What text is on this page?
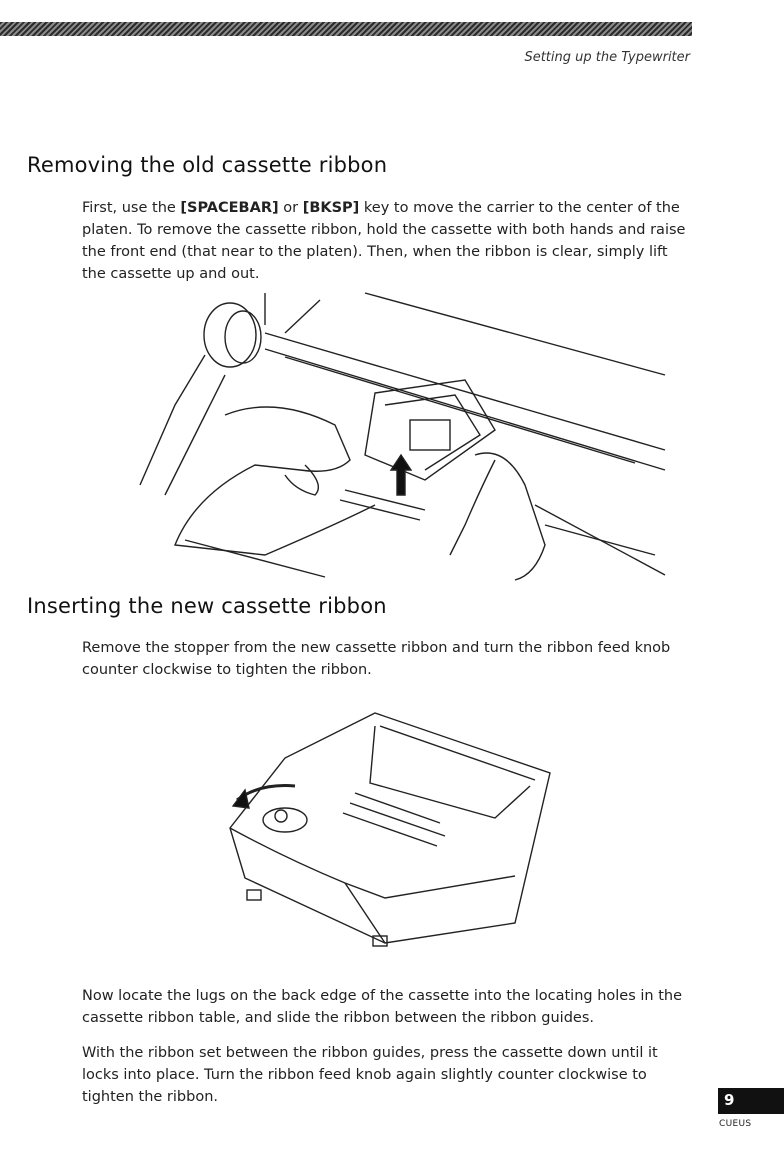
Setting up the Typewriter
Removing the old cassette ribbon

First, use the [SPACEBAR] or [BKSP] key to move the carrier to the center of the platen. To remove the cassette ribbon, hold the cassette with both hands and raise the front end (that near to the platen). Then, when the ribbon is clear, simply lift the cassette up and out.

Inserting the new cassette ribbon

Remove the stopper from the new cassette ribbon and turn the ribbon feed knob counter clockwise to tighten the ribbon.

Now locate the lugs on the back edge of the cassette into the locating holes in the cassette ribbon table, and slide the ribbon between the ribbon guides.

With the ribbon set between the ribbon guides, press the cassette down until it locks into place. Turn the ribbon feed knob again slightly counter clockwise to tighten the ribbon.	9
CUEUS
